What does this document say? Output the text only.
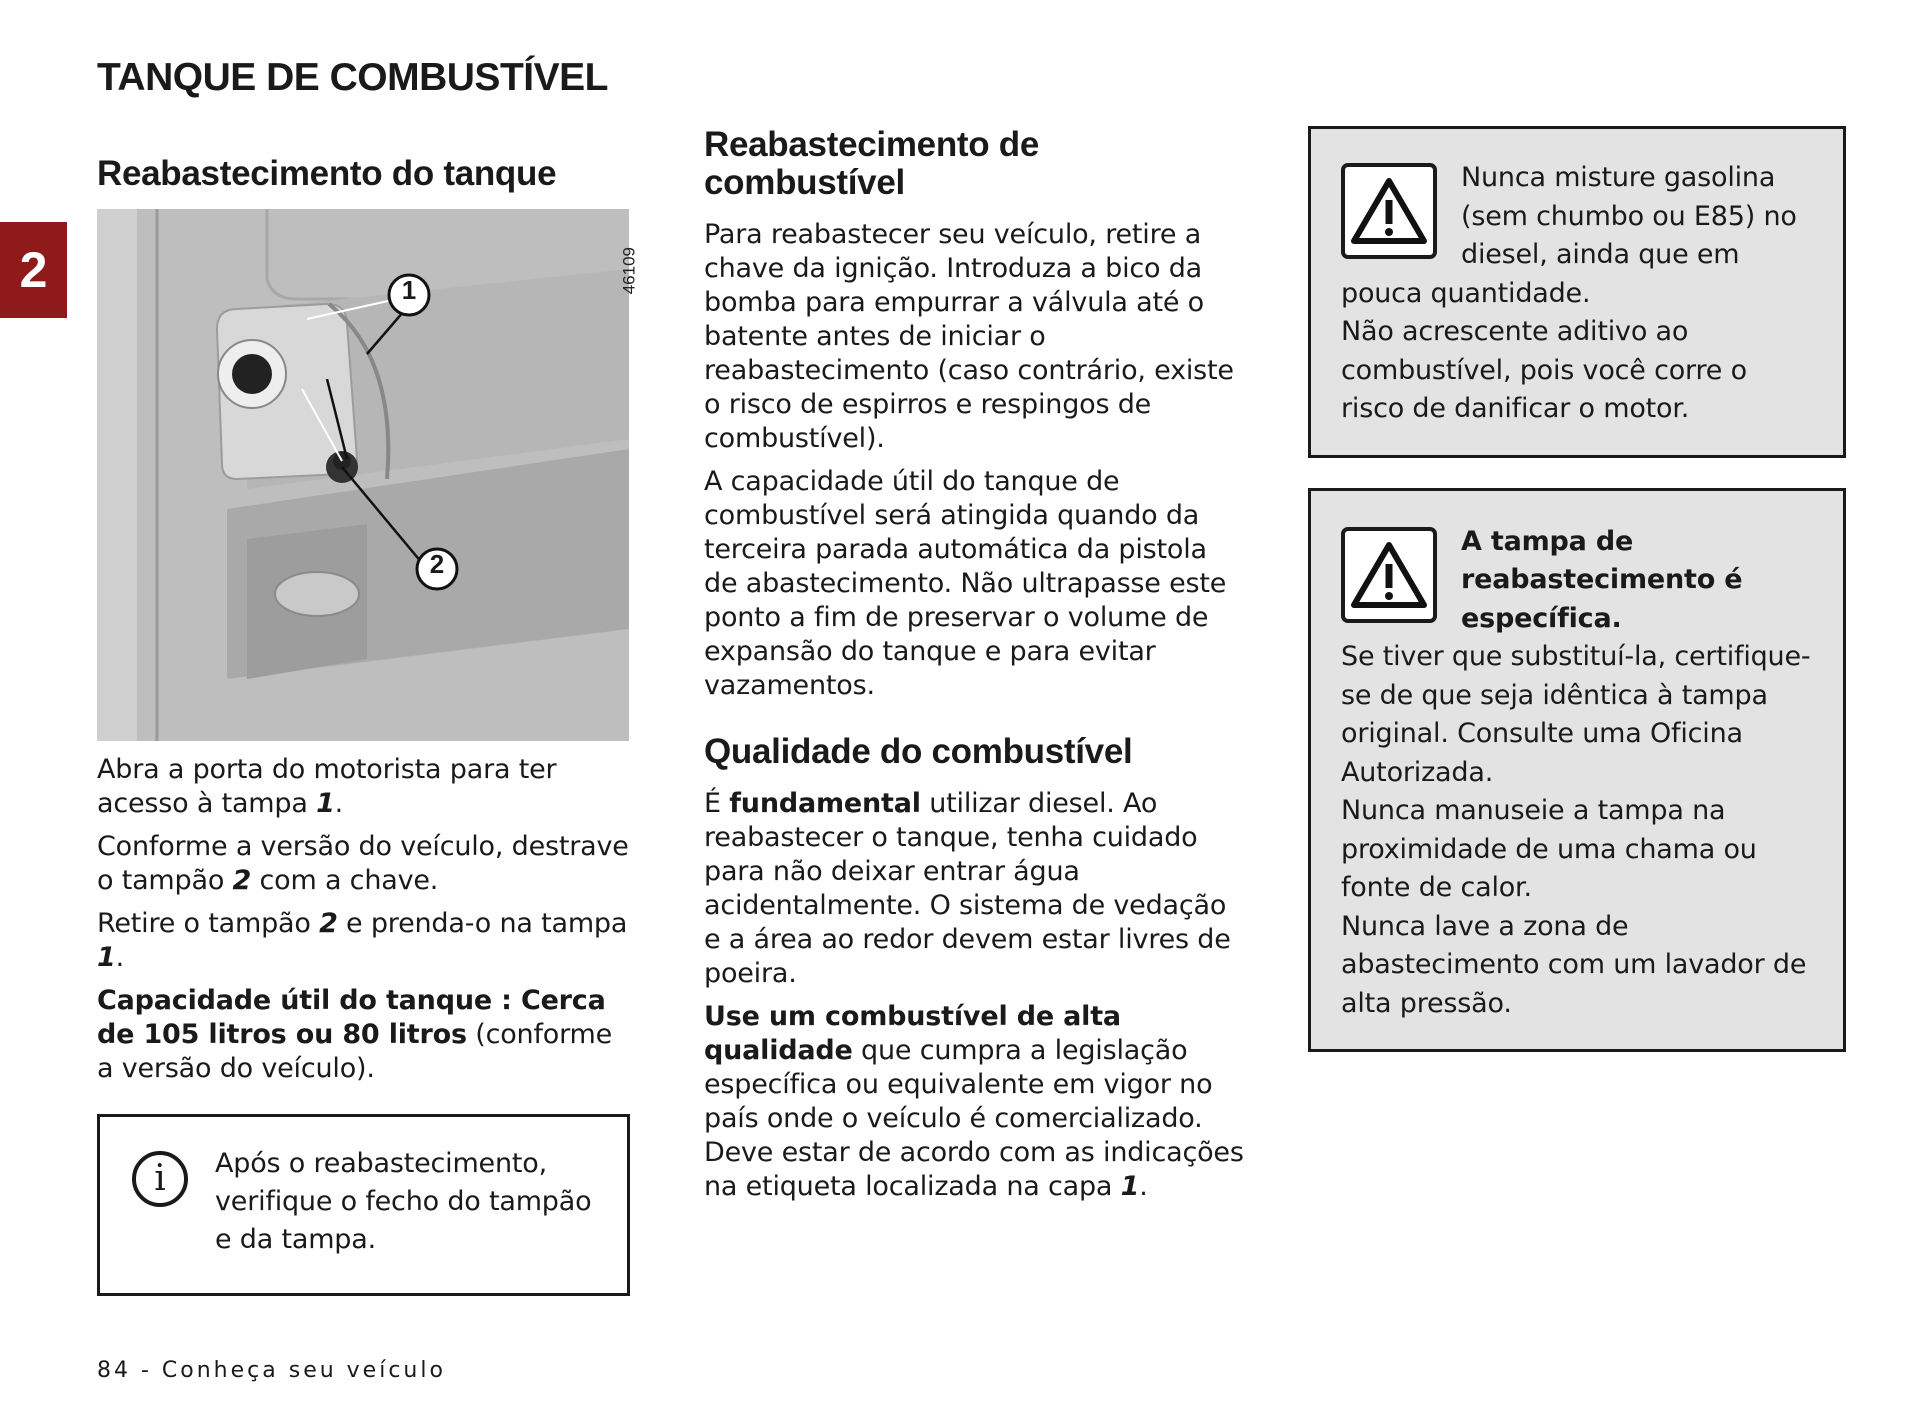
TANQUE DE COMBUSTÍVEL
2
Reabastecimento do tanque
1
2
46109

Abra a porta do motorista para ter acesso à tampa 1.

Conforme a versão do veículo, destrave o tampão 2 com a chave.

Retire o tampão 2 e prenda-o na tampa 1.

Capacidade útil do tanque : Cerca de 105 litros ou 80 litros (conforme a versão do veículo).

i	Após o reabastecimento, verifique o fecho do tampão e da tampa.

Reabastecimento de combustível

Para reabastecer seu veículo, retire a chave da ignição. Introduza a bico da bomba para empurrar a válvula até o batente antes de iniciar o reabastecimento (caso contrário, existe o risco de espirros e respingos de combustível).

A capacidade útil do tanque de combustível será atingida quando da terceira parada automática da pistola de abastecimento. Não ultrapasse este ponto a fim de preservar o volume de expansão do tanque e para evitar vazamentos.

Qualidade do combustível

É fundamental utilizar diesel. Ao reabastecer o tanque, tenha cuidado para não deixar entrar água acidentalmente. O sistema de vedação e a área ao redor devem estar livres de poeira.

Use um combustível de alta qualidade que cumpra a legislação específica ou equivalente em vigor no país onde o veículo é comercializado. Deve estar de acordo com as indicações na etiqueta localizada na capa 1.

Nunca misture gasolina (sem chumbo ou E85) no diesel, ainda que em pouca quantidade.

Não acrescente aditivo ao combustível, pois você corre o risco de danificar o motor.

A tampa de reabastecimento é específica.

Se tiver que substituí-la, certifique-se de que seja idêntica à tampa original. Consulte uma Oficina Autorizada.

Nunca manuseie a tampa na proximidade de uma chama ou fonte de calor.

Nunca lave a zona de abastecimento com um lavador de alta pressão.

84 - Conheça seu veículo
